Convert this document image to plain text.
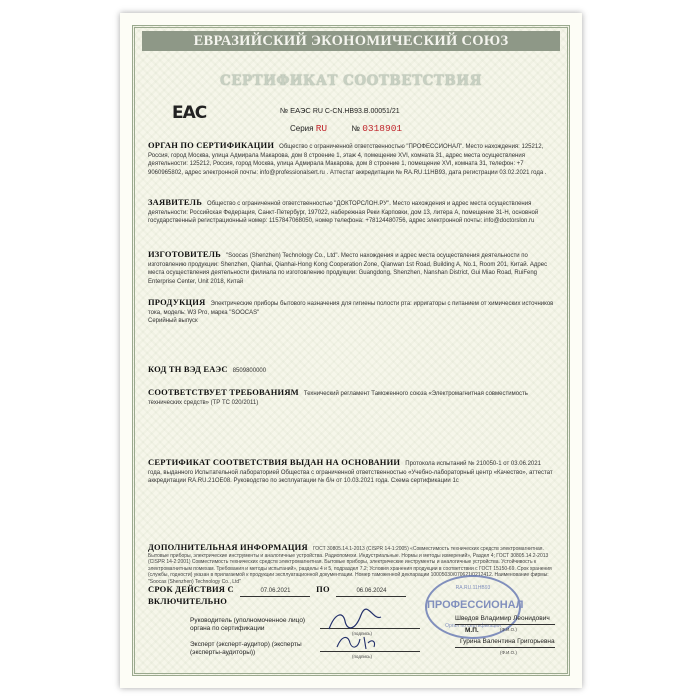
ЕВРАЗИЙСКИЙ ЭКОНОМИЧЕСКИЙ СОЮЗ
СЕРТИФИКАТ СООТВЕТСТВИЯ
ЕАС	№ ЕАЭС RU C-CN.НВ93.В.00051/21
Серия RU	№ 0318901
ОРГАН ПО СЕРТИФИКАЦИИ Общество с ограниченной ответственностью "ПРОФЕССИОНАЛ". Место нахождения: 125212, Россия, город Москва, улица Адмирала Макарова, дом 8 строение 1, этаж 4, помещение XVI, комната 31, адрес места осуществления деятельности: 125212, Россия, город Москва, улица Адмирала Макарова, дом 8 строение 1, помещение XVI, комната 31, телефон: +7 9060965802, адрес электронной почты: info@professionalsert.ru . Аттестат аккредитации № RA.RU.11НВ93, дата регистрации 03.02.2021 года .
ЗАЯВИТЕЛЬ Общество с ограниченной ответственностью "ДОКТОРСЛОН.РУ". Место нахождения и адрес места осуществления деятельности: Российская Федерация, Санкт-Петербург, 197022, набережная Реки Карповки, дом 13, литера А, помещение 31-Н, основной государственный регистрационный номер: 1157847068050, номер телефона: +78124480756, адрес электронной почты: info@doctorslon.ru
ИЗГОТОВИТЕЛЬ "Soocas (Shenzhen) Technology Co., Ltd". Место нахождения и адрес места осуществления деятельности по изготовлению продукции: Shenzhen, Qianhai, Qianhai-Hong Kong Cooperation Zone, Qianwan 1st Road, Building A, No.1, Room 201, Китай. Адрес места осуществления деятельности филиала по изготовлению продукции: Guangdong, Shenzhen, Nanshan District, Gui Miao Road, RuiFeng Enterprise Center, Unit 2018, Китай
ПРОДУКЦИЯ Электрические приборы бытового назначения для гигиены полости рта: ирригаторы с питанием от химических источников тока, модель: W3 Pro, марка "SOOCAS"
Серийный выпуск
КОД ТН ВЭД ЕАЭС 8509800000
СООТВЕТСТВУЕТ ТРЕБОВАНИЯМ Технический регламент Таможенного союза «Электромагнитная совместимость технических средств» (ТР ТС 020/2011)
СЕРТИФИКАТ СООТВЕТСТВИЯ ВЫДАН НА ОСНОВАНИИ Протокола испытаний № 210050-1 от 03.06.2021 года, выданного Испытательной лабораторией Общества с ограниченной ответственностью «Учебно-лабораторный центр «Качество», аттестат аккредитации RA.RU.21ОЕ08. Руководство по эксплуатации № б/н от 10.03.2021 года. Схема сертификации 1с
ДОПОЛНИТЕЛЬНАЯ ИНФОРМАЦИЯ ГОСТ 30805.14.1-2013 (CISPR 14-1:2005) «Совместимость технических средств электромагнитная. Бытовые приборы, электрические инструменты и аналогичные устройства. Радиопомехи. Индустриальные. Нормы и методы измерений», Раздел 4; ГОСТ 30805.14.2-2013 (CISPR 14-2:2001) Совместимость технических средств электромагнитная. Бытовые приборы, электрические инструменты и аналогичные устройства. Устойчивость к электромагнитным помехам. Требования и методы испытаний», разделы 4 и 5, подраздел 7.2; Условия хранения продукции в соответствии с ГОСТ 15150-69. Срок хранения (службы, годности) указан в прилагаемой к продукции эксплуатационной документации. Номер таможенной декларации 10005030/070621/0212412. Наименование фирмы: "Soocas (Shenzhen) Technology Co., Ltd"
СРОК ДЕЙСТВИЯ С	07.06.2021	ПО	06.06.2024
ВКЛЮЧИТЕЛЬНО
RA.RU.11НВ93
ПРОФЕССИОНАЛ
Орган по сертификации
Руководитель (уполномоченное лицо) органа по сертификации
(подпись)	М.П.
Шведов Владимир Леонидович
(Ф.И.О.)
Эксперт (эксперт-аудитор) (эксперты (эксперты-аудиторы))
(подпись)
Гурина Валентина Григорьевна
(Ф.И.О.)
